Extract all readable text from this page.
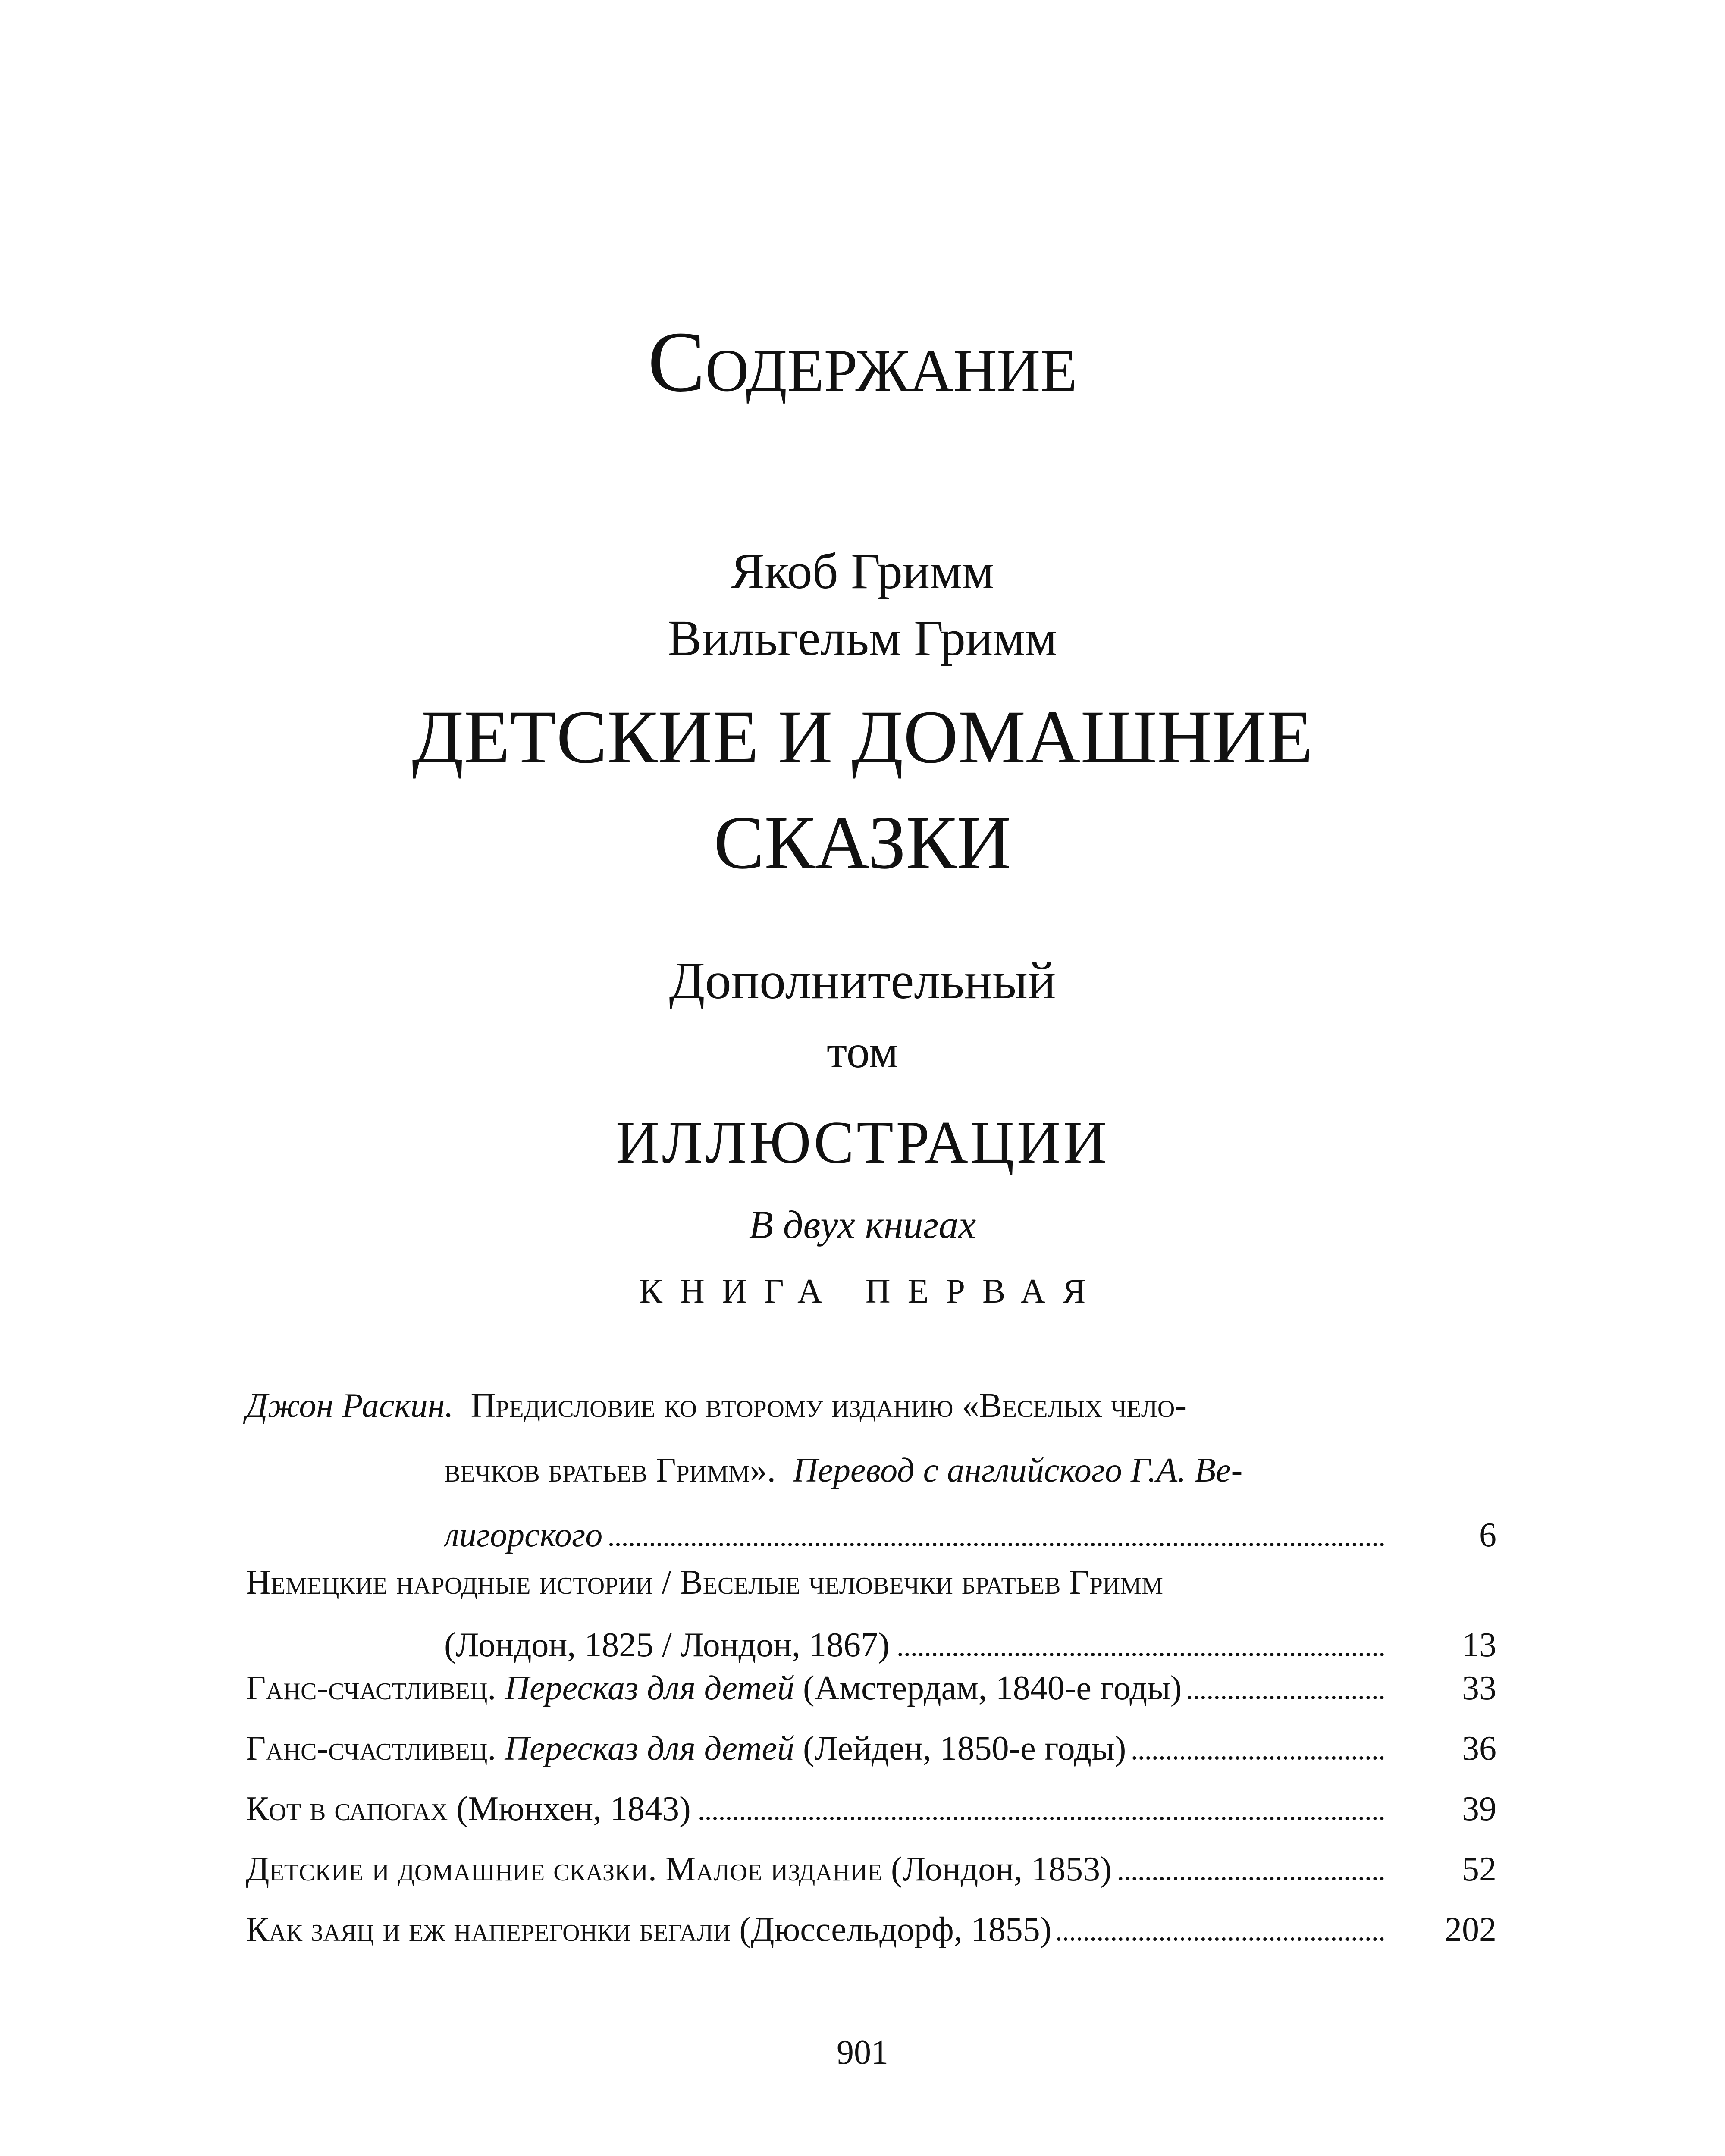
Содержание
Якоб Гримм
Вильгельм Гримм
ДЕТСКИЕ И ДОМАШНИЕ
СКАЗКИ
Дополнительный
том
ИЛЛЮСТРАЦИИ
В двух книгах
КНИГА ПЕРВАЯ
Джон Раскин. Предисловие ко второму изданию «Веселых чело-
вечков братьев Гримм». Перевод с английского Г.А. Ве-
лигорского	6
Немецкие народные истории / Веселые человечки братьев Гримм
(Лондон, 1825 / Лондон, 1867)	13
Ганс-счастливец. Пересказ для детей (Амстердам, 1840-е годы)	33
Ганс-счастливец. Пересказ для детей (Лейден, 1850-е годы)	36
Кот в сапогах (Мюнхен, 1843)	39
Детские и домашние сказки. Малое издание (Лондон, 1853)	52
Как заяц и еж наперегонки бегали (Дюссельдорф, 1855)	202
901
